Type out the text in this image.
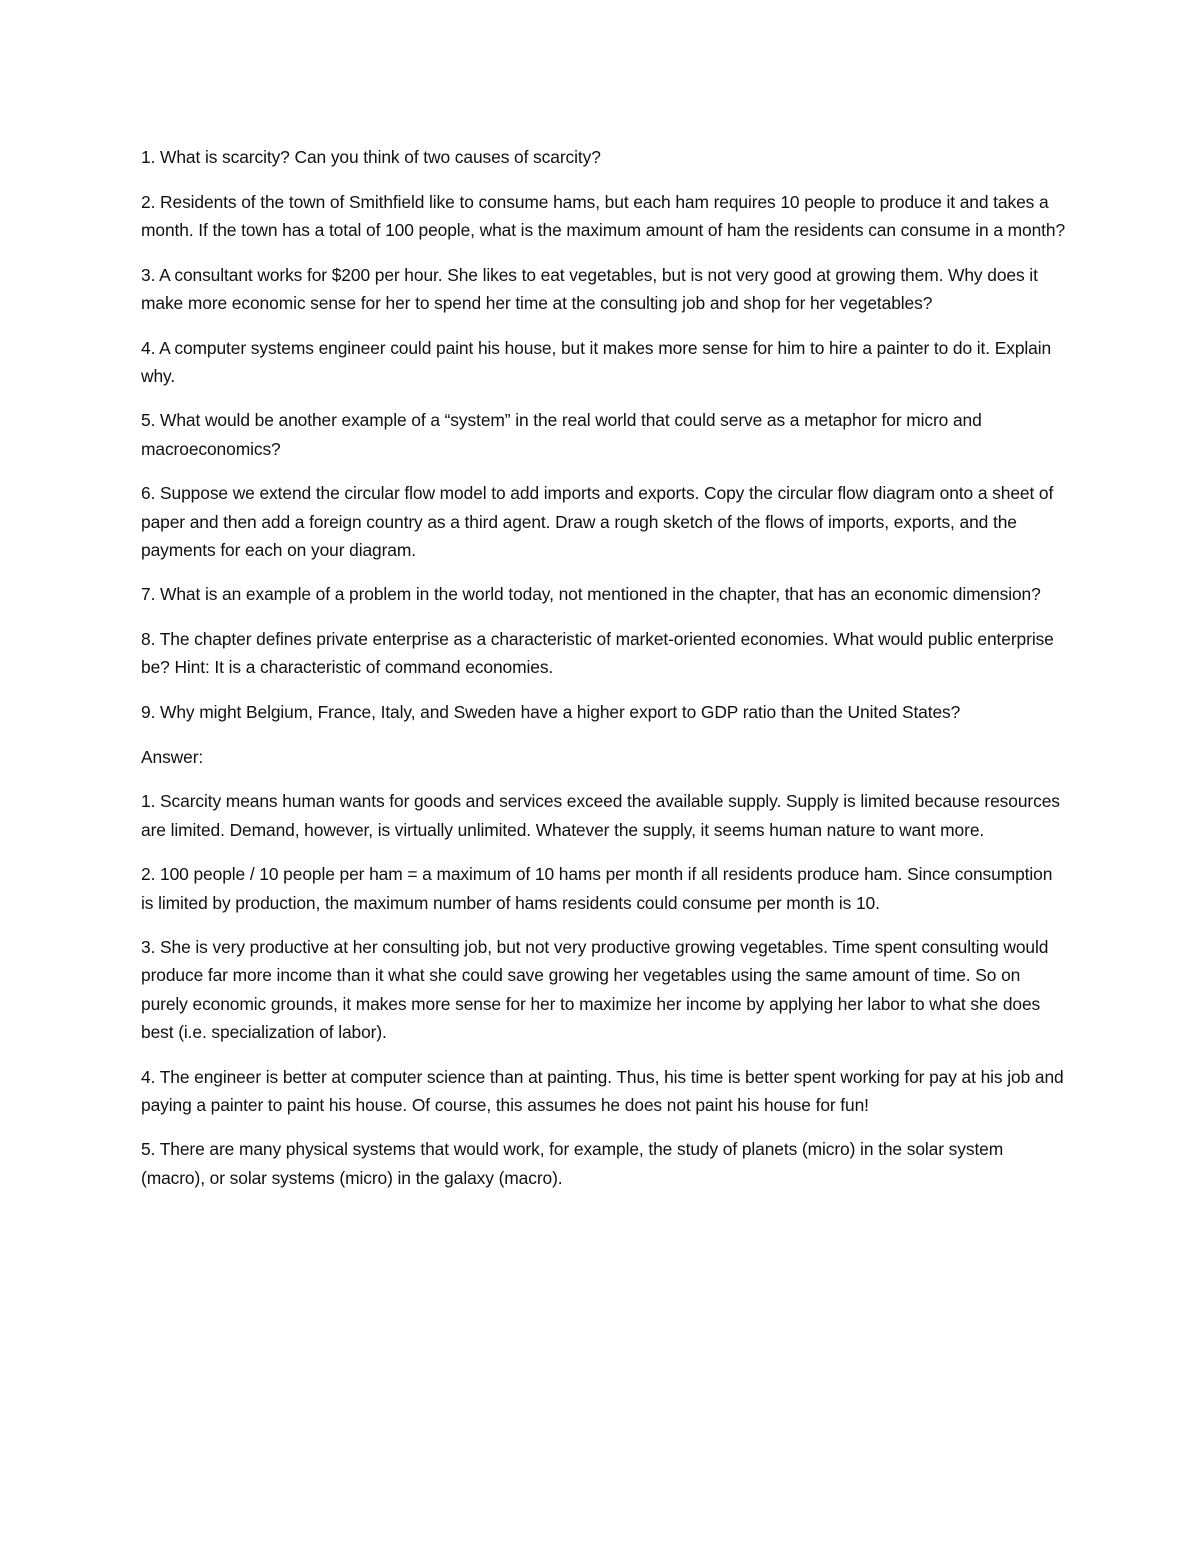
1. What is scarcity? Can you think of two causes of scarcity?

2. Residents of the town of Smithfield like to consume hams, but each ham requires 10 people to produce it and takes a month. If the town has a total of 100 people, what is the maximum amount of ham the residents can consume in a month?

3. A consultant works for $200 per hour. She likes to eat vegetables, but is not very good at growing them. Why does it make more economic sense for her to spend her time at the consulting job and shop for her vegetables?

4. A computer systems engineer could paint his house, but it makes more sense for him to hire a painter to do it. Explain why.

5. What would be another example of a “system” in the real world that could serve as a metaphor for micro and macroeconomics?

6. Suppose we extend the circular flow model to add imports and exports. Copy the circular flow diagram onto a sheet of paper and then add a foreign country as a third agent. Draw a rough sketch of the flows of imports, exports, and the payments for each on your diagram.

7. What is an example of a problem in the world today, not mentioned in the chapter, that has an economic dimension?

8. The chapter defines private enterprise as a characteristic of market-oriented economies. What would public enterprise be? Hint: It is a characteristic of command economies.

9. Why might Belgium, France, Italy, and Sweden have a higher export to GDP ratio than the United States?

Answer:

1. Scarcity means human wants for goods and services exceed the available supply. Supply is limited because resources are limited. Demand, however, is virtually unlimited. Whatever the supply, it seems human nature to want more.

2. 100 people / 10 people per ham = a maximum of 10 hams per month if all residents produce ham. Since consumption is limited by production, the maximum number of hams residents could consume per month is 10.

3. She is very productive at her consulting job, but not very productive growing vegetables. Time spent consulting would produce far more income than it what she could save growing her vegetables using the same amount of time. So on purely economic grounds, it makes more sense for her to maximize her income by applying her labor to what she does best (i.e. specialization of labor).

4. The engineer is better at computer science than at painting. Thus, his time is better spent working for pay at his job and paying a painter to paint his house. Of course, this assumes he does not paint his house for fun!

5. There are many physical systems that would work, for example, the study of planets (micro) in the solar system (macro), or solar systems (micro) in the galaxy (macro).
